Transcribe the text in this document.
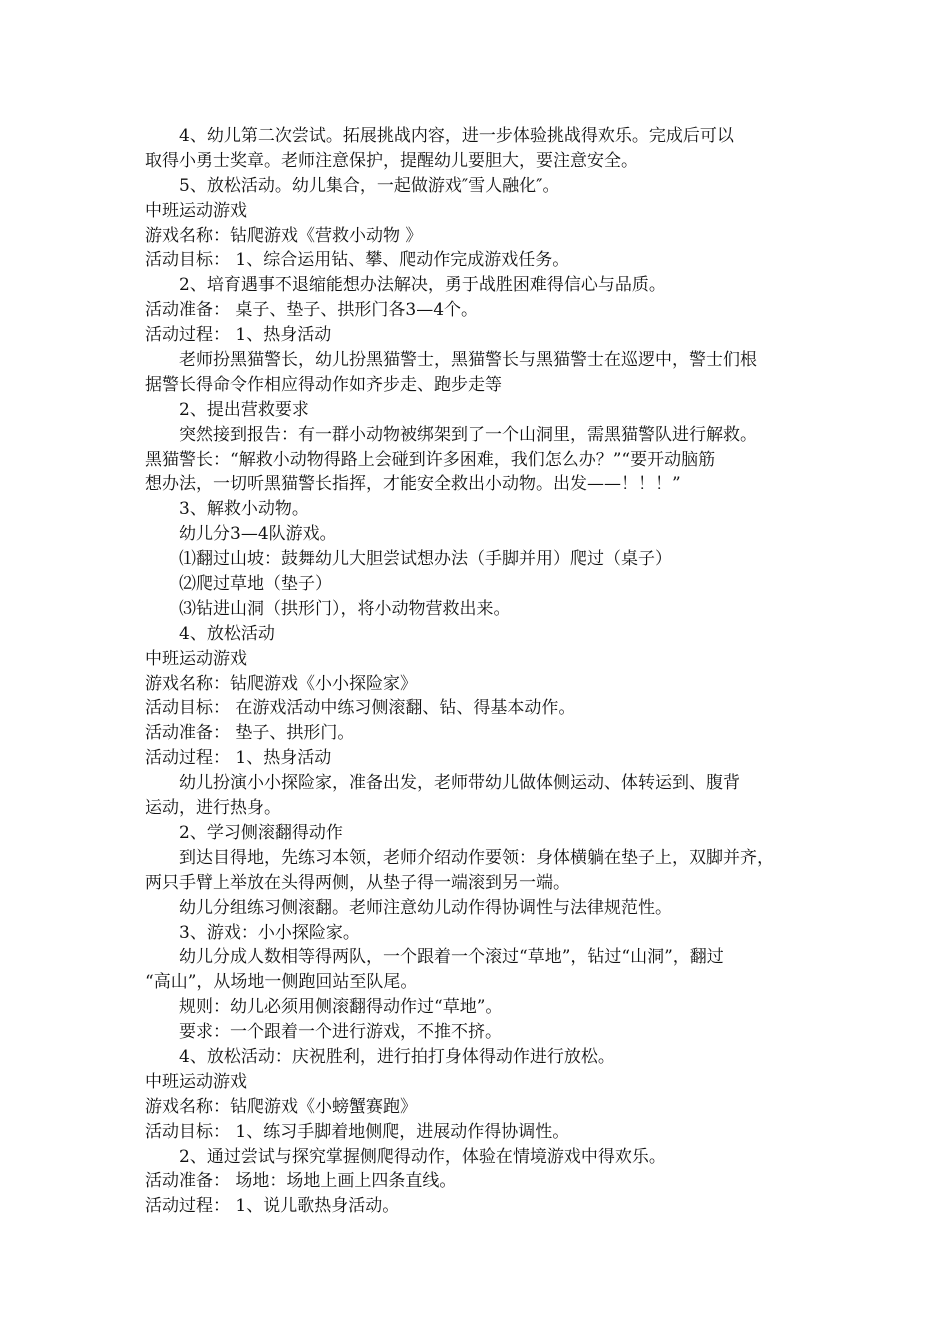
4、幼儿第二次尝试。拓展挑战内容，进一步体验挑战得欢乐。完成后可以
取得小勇士奖章。老师注意保护，提醒幼儿要胆大，要注意安全。
5、放松活动。幼儿集合，一起做游戏″雪人融化″。
中班运动游戏
游戏名称：钻爬游戏《营救小动物 》
活动目标： 1、综合运用钻、攀、爬动作完成游戏任务。
2、培育遇事不退缩能想办法解决，勇于战胜困难得信心与品质。
活动准备： 桌子、垫子、拱形门各3—4个。
活动过程： 1、热身活动
老师扮黑猫警长，幼儿扮黑猫警士，黑猫警长与黑猫警士在巡逻中，警士们根
据警长得命令作相应得动作如齐步走、跑步走等
2、提出营救要求
突然接到报告：有一群小动物被绑架到了一个山洞里，需黑猫警队进行解救。
黑猫警长：“解救小动物得路上会碰到许多困难，我们怎么办？”“要开动脑筋
想办法，一切听黑猫警长指挥，才能安全救出小动物。出发——！！！”
3、解救小动物。
幼儿分3—4队游戏。
⑴翻过山坡：鼓舞幼儿大胆尝试想办法（手脚并用）爬过（桌子）
⑵爬过草地（垫子）
⑶钻进山洞（拱形门），将小动物营救出来。
4、放松活动
中班运动游戏
游戏名称：钻爬游戏《小小探险家》
活动目标： 在游戏活动中练习侧滚翻、钻、得基本动作。
活动准备： 垫子、拱形门。
活动过程： 1、热身活动
幼儿扮演小小探险家，准备出发，老师带幼儿做体侧运动、体转运到、腹背
运动，进行热身。
2、学习侧滚翻得动作
到达目得地，先练习本领，老师介绍动作要领：身体横躺在垫子上，双脚并齐，
两只手臂上举放在头得两侧，从垫子得一端滚到另一端。
幼儿分组练习侧滚翻。老师注意幼儿动作得协调性与法律规范性。
3、游戏：小小探险家。
幼儿分成人数相等得两队，一个跟着一个滚过“草地”，钻过“山洞”，翻过
“高山”，从场地一侧跑回站至队尾。
规则：幼儿必须用侧滚翻得动作过“草地”。
要求：一个跟着一个进行游戏，不推不挤。
4、放松活动：庆祝胜利，进行拍打身体得动作进行放松。
中班运动游戏
游戏名称：钻爬游戏《小螃蟹赛跑》
活动目标： 1、练习手脚着地侧爬，进展动作得协调性。
2、通过尝试与探究掌握侧爬得动作，体验在情境游戏中得欢乐。
活动准备： 场地：场地上画上四条直线。
活动过程： 1、说儿歌热身活动。
